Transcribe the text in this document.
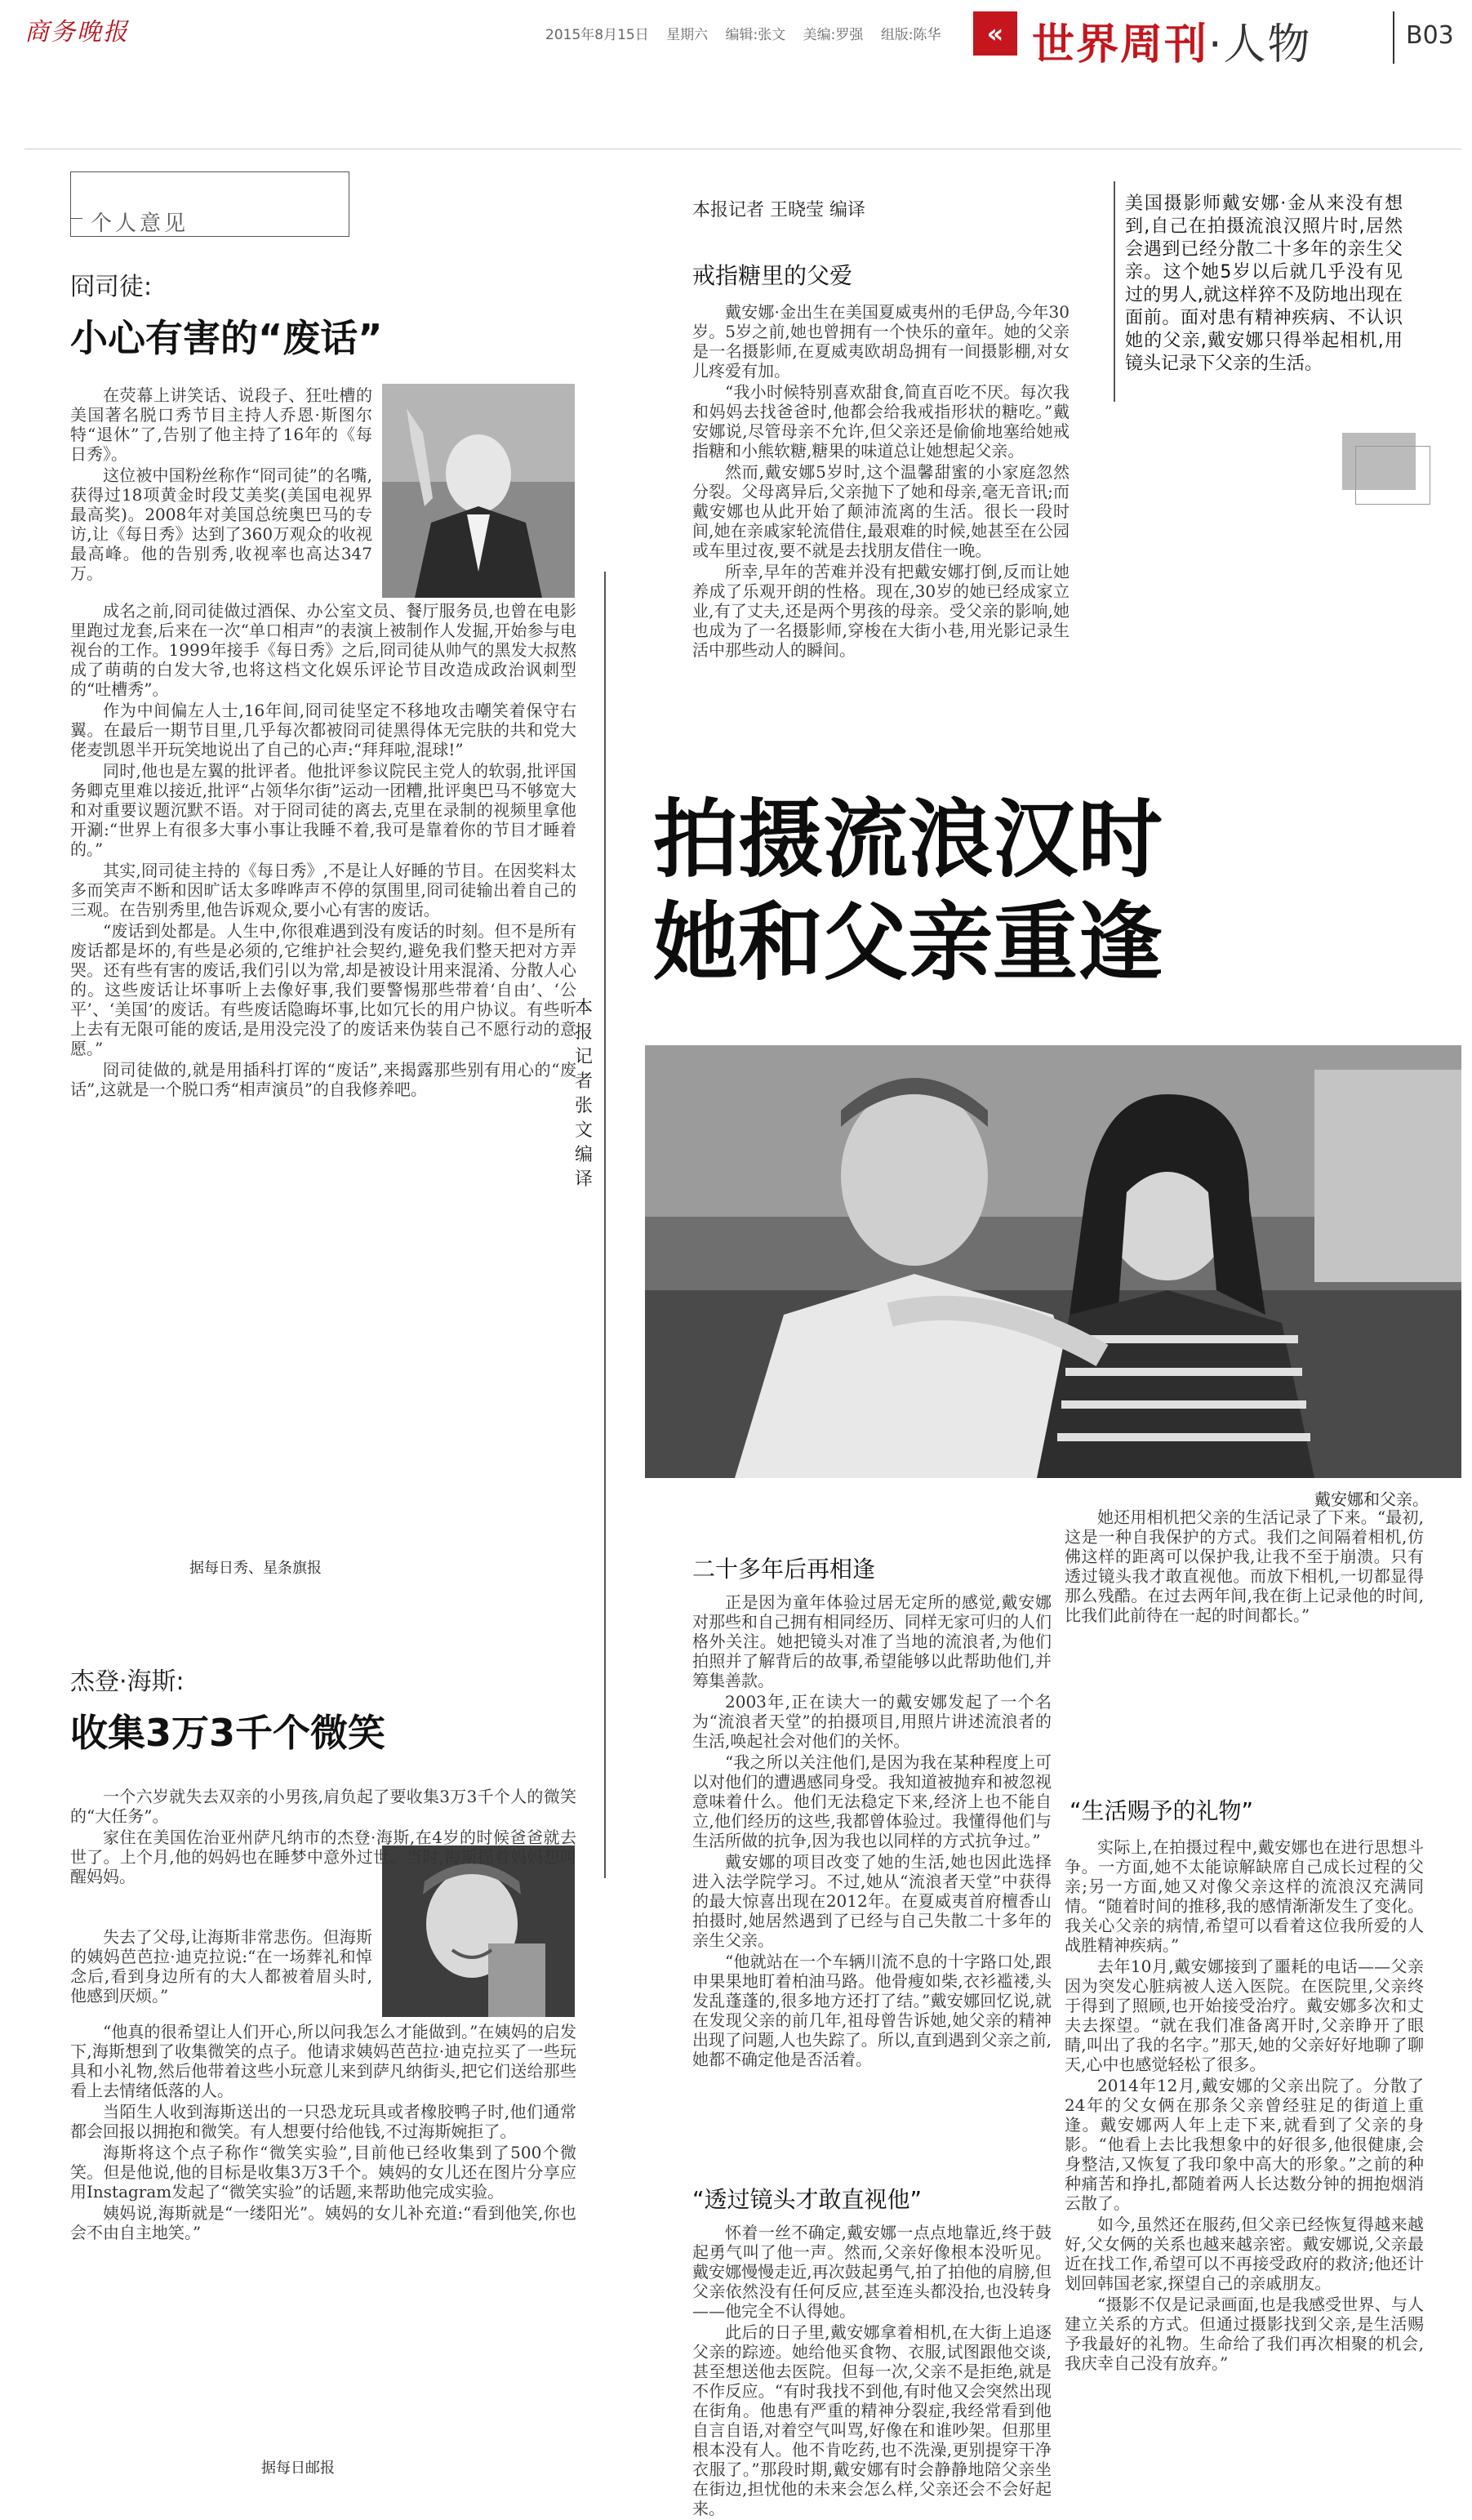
商务晚报	2015年8月15日 星期六 编辑:张文 美编:罗强 组版:陈华	« 世界周刊·人物	B03
个人意见
冏司徒:
小心有害的“废话”

在荧幕上讲笑话、说段子、狂吐槽的美国著名脱口秀节目主持人乔恩·斯图尔特“退休”了,告别了他主持了16年的《每日秀》。

这位被中国粉丝称作“冏司徒”的名嘴,获得过18项黄金时段艾美奖(美国电视界最高奖)。2008年对美国总统奥巴马的专访,让《每日秀》达到了360万观众的收视最高峰。他的告别秀,收视率也高达347万。

成名之前,冏司徒做过酒保、办公室文员、餐厅服务员,也曾在电影里跑过龙套,后来在一次“单口相声”的表演上被制作人发掘,开始参与电视台的工作。1999年接手《每日秀》之后,冏司徒从帅气的黑发大叔熬成了萌萌的白发大爷,也将这档文化娱乐评论节目改造成政治讽刺型的“吐槽秀”。

作为中间偏左人士,16年间,冏司徒坚定不移地攻击嘲笑着保守右翼。在最后一期节目里,几乎每次都被冏司徒黑得体无完肤的共和党大佬麦凯恩半开玩笑地说出了自己的心声:“拜拜啦,混球!”

同时,他也是左翼的批评者。他批评参议院民主党人的软弱,批评国务卿克里难以接近,批评“占领华尔街”运动一团糟,批评奥巴马不够宽大和对重要议题沉默不语。对于冏司徒的离去,克里在录制的视频里拿他开涮:“世界上有很多大事小事让我睡不着,我可是靠着你的节目才睡着的。”

其实,冏司徒主持的《每日秀》,不是让人好睡的节目。在因奖料太多而笑声不断和因旷话太多哗哗声不停的氛围里,冏司徒输出着自己的三观。在告别秀里,他告诉观众,要小心有害的废话。

“废话到处都是。人生中,你很难遇到没有废话的时刻。但不是所有废话都是坏的,有些是必须的,它维护社会契约,避免我们整天把对方弄哭。还有些有害的废话,我们引以为常,却是被设计用来混淆、分散人心的。这些废话让坏事听上去像好事,我们要警惕那些带着‘自由’、‘公平’、‘美国’的废话。有些废话隐晦坏事,比如冗长的用户协议。有些听上去有无限可能的废话,是用没完没了的废话来伪装自己不愿行动的意愿。”

冏司徒做的,就是用插科打诨的“废话”,来揭露那些别有用心的“废话”,这就是一个脱口秀“相声演员”的自我修养吧。

据每日秀、星条旗报
杰登·海斯:
收集3万3千个微笑

一个六岁就失去双亲的小男孩,肩负起了要收集3万3千个人的微笑的“大任务”。

家住在美国佐治亚州萨凡纳市的杰登·海斯,在4岁的时候爸爸就去世了。上个月,他的妈妈也在睡梦中意外过世。当时,海斯摇着妈妈想叫醒妈妈。

失去了父母,让海斯非常悲伤。但海斯的姨妈芭芭拉·迪克拉说:“在一场葬礼和悼念后,看到身边所有的大人都被着眉头时,他感到厌烦。”

“他真的很希望让人们开心,所以问我怎么才能做到。”在姨妈的启发下,海斯想到了收集微笑的点子。他请求姨妈芭芭拉·迪克拉买了一些玩具和小礼物,然后他带着这些小玩意儿来到萨凡纳街头,把它们送给那些看上去情绪低落的人。

当陌生人收到海斯送出的一只恐龙玩具或者橡胶鸭子时,他们通常都会回报以拥抱和微笑。有人想要付给他钱,不过海斯婉拒了。

海斯将这个点子称作“微笑实验”,目前他已经收集到了500个微笑。但是他说,他的目标是收集3万3千个。姨妈的女儿还在图片分享应用Instagram发起了“微笑实验”的话题,来帮助他完成实验。

姨妈说,海斯就是“一缕阳光”。姨妈的女儿补充道:“看到他笑,你也会不由自主地笑。”

据每日邮报
本报记者 张文 编译
本报记者 王晓莹 编译
戒指糖里的父爱

戴安娜·金出生在美国夏威夷州的毛伊岛,今年30岁。5岁之前,她也曾拥有一个快乐的童年。她的父亲是一名摄影师,在夏威夷欧胡岛拥有一间摄影棚,对女儿疼爱有加。

“我小时候特别喜欢甜食,简直百吃不厌。每次我和妈妈去找爸爸时,他都会给我戒指形状的糖吃。”戴安娜说,尽管母亲不允许,但父亲还是偷偷地塞给她戒指糖和小熊软糖,糖果的味道总让她想起父亲。

然而,戴安娜5岁时,这个温馨甜蜜的小家庭忽然分裂。父母离异后,父亲抛下了她和母亲,毫无音讯;而戴安娜也从此开始了颠沛流离的生活。很长一段时间,她在亲戚家轮流借住,最艰难的时候,她甚至在公园或车里过夜,要不就是去找朋友借住一晚。

所幸,早年的苦难并没有把戴安娜打倒,反而让她养成了乐观开朗的性格。现在,30岁的她已经成家立业,有了丈夫,还是两个男孩的母亲。受父亲的影响,她也成为了一名摄影师,穿梭在大街小巷,用光影记录生活中那些动人的瞬间。

美国摄影师戴安娜·金从来没有想到,自己在拍摄流浪汉照片时,居然会遇到已经分散二十多年的亲生父亲。这个她5岁以后就几乎没有见过的男人,就这样猝不及防地出现在面前。面对患有精神疾病、不认识她的父亲,戴安娜只得举起相机,用镜头记录下父亲的生活。
拍摄流浪汉时
她和父亲重逢
戴安娜和父亲。
二十多年后再相逢

正是因为童年体验过居无定所的感觉,戴安娜对那些和自己拥有相同经历、同样无家可归的人们格外关注。她把镜头对准了当地的流浪者,为他们拍照并了解背后的故事,希望能够以此帮助他们,并筹集善款。

2003年,正在读大一的戴安娜发起了一个名为“流浪者天堂”的拍摄项目,用照片讲述流浪者的生活,唤起社会对他们的关怀。

“我之所以关注他们,是因为我在某种程度上可以对他们的遭遇感同身受。我知道被抛弃和被忽视意味着什么。他们无法稳定下来,经济上也不能自立,他们经历的这些,我都曾体验过。我懂得他们与生活所做的抗争,因为我也以同样的方式抗争过。”

戴安娜的项目改变了她的生活,她也因此选择进入法学院学习。不过,她从“流浪者天堂”中获得的最大惊喜出现在2012年。在夏威夷首府檀香山拍摄时,她居然遇到了已经与自己失散二十多年的亲生父亲。

“他就站在一个车辆川流不息的十字路口处,跟申果果地盯着柏油马路。他骨瘦如柴,衣衫褴褛,头发乱蓬蓬的,很多地方还打了结。”戴安娜回忆说,就在发现父亲的前几年,祖母曾告诉她,她父亲的精神出现了问题,人也失踪了。所以,直到遇到父亲之前,她都不确定他是否活着。

“透过镜头才敢直视他”

怀着一丝不确定,戴安娜一点点地靠近,终于鼓起勇气叫了他一声。然而,父亲好像根本没听见。戴安娜慢慢走近,再次鼓起勇气,拍了拍他的肩膀,但父亲依然没有任何反应,甚至连头都没抬,也没转身——他完全不认得她。

此后的日子里,戴安娜拿着相机,在大街上追逐父亲的踪迹。她给他买食物、衣服,试图跟他交谈,甚至想送他去医院。但每一次,父亲不是拒绝,就是不作反应。“有时我找不到他,有时他又会突然出现在街角。他患有严重的精神分裂症,我经常看到他自言自语,对着空气叫骂,好像在和谁吵架。但那里根本没有人。他不肯吃药,也不洗澡,更别提穿干净衣服了。”那段时期,戴安娜有时会静静地陪父亲坐在街边,担忧他的未来会怎么样,父亲还会不会好起来。

她还用相机把父亲的生活记录了下来。“最初,这是一种自我保护的方式。我们之间隔着相机,仿佛这样的距离可以保护我,让我不至于崩溃。只有透过镜头我才敢直视他。而放下相机,一切都显得那么残酷。在过去两年间,我在街上记录他的时间,比我们此前待在一起的时间都长。”

“生活赐予的礼物”

实际上,在拍摄过程中,戴安娜也在进行思想斗争。一方面,她不太能谅解缺席自己成长过程的父亲;另一方面,她又对像父亲这样的流浪汉充满同情。“随着时间的推移,我的感情渐渐发生了变化。我关心父亲的病情,希望可以看着这位我所爱的人战胜精神疾病。”

去年10月,戴安娜接到了噩耗的电话——父亲因为突发心脏病被人送入医院。在医院里,父亲终于得到了照顾,也开始接受治疗。戴安娜多次和丈夫去探望。“就在我们准备离开时,父亲睁开了眼睛,叫出了我的名字。”那天,她的父亲好好地聊了聊天,心中也感觉轻松了很多。

2014年12月,戴安娜的父亲出院了。分散了24年的父女俩在那条父亲曾经驻足的街道上重逢。戴安娜两人年上走下来,就看到了父亲的身影。“他看上去比我想象中的好很多,他很健康,会身整洁,又恢复了我印象中高大的形象。”之前的种种痛苦和挣扎,都随着两人长达数分钟的拥抱烟消云散了。

如今,虽然还在服药,但父亲已经恢复得越来越好,父女俩的关系也越来越亲密。戴安娜说,父亲最近在找工作,希望可以不再接受政府的救济;他还计划回韩国老家,探望自己的亲戚朋友。

“摄影不仅是记录画面,也是我感受世界、与人建立关系的方式。但通过摄影找到父亲,是生活赐予我最好的礼物。生命给了我们再次相聚的机会,我庆幸自己没有放弃。”
